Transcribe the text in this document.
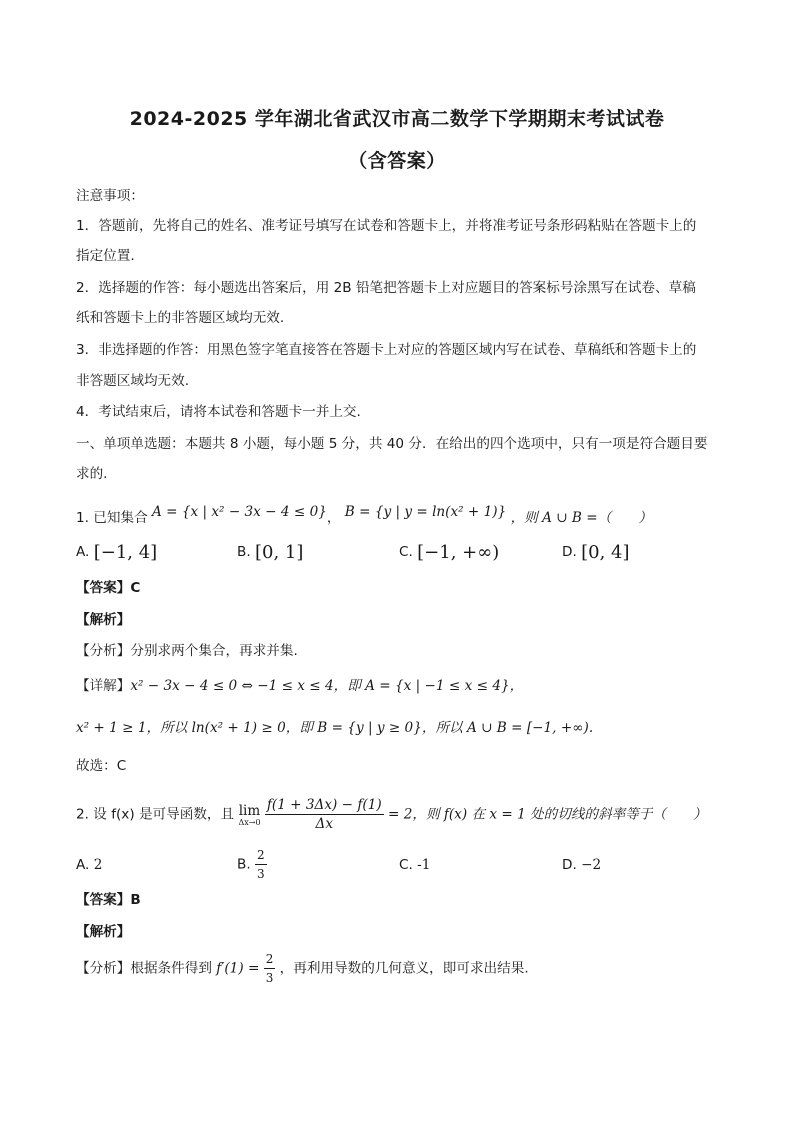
2024-2025 学年湖北省武汉市高二数学下学期期末考试试卷
（含答案）
注意事项：
1．答题前，先将自己的姓名、准考证号填写在试卷和答题卡上，并将准考证号条形码粘贴在答题卡上的
指定位置.
2．选择题的作答：每小题选出答案后，用 2B 铅笔把答题卡上对应题目的答案标号涂黑写在试卷、草稿
纸和答题卡上的非答题区域均无效.
3．非选择题的作答：用黑色签字笔直接答在答题卡上对应的答题区域内写在试卷、草稿纸和答题卡上的
非答题区域均无效.
4．考试结束后，请将本试卷和答题卡一并上交.
一、单项单选题：本题共 8 小题，每小题 5 分，共 40 分．在给出的四个选项中，只有一项是符合题目要
求的.
1. 已知集合 A = {x | x² − 3x − 4 ≤ 0}， B = {y | y = ln(x² + 1)} ，则 A ∪ B =（　　）
A. [−1, 4]	B. [0, 1]	C. [−1, +∞)	D. [0, 4]
【答案】C
【解析】
【分析】分别求两个集合，再求并集.
【详解】x² − 3x − 4 ≤ 0 ⇔ −1 ≤ x ≤ 4，即 A = {x | −1 ≤ x ≤ 4}，
x² + 1 ≥ 1，所以 ln(x² + 1) ≥ 0，即 B = {y | y ≥ 0}，所以 A ∪ B = [−1, +∞).
故选：C
2. 设 f(x) 是可导函数，且 lim
Δx→0
$\frac{f(1 + 3\Delta x) - f(1)}{\Delta x} = 2$，则 f(x) 在 x = 1 处的切线的斜率等于（　　）
A. 2	B. $\frac{2}{3}$	C. -1	D. −2
【答案】B
【解析】
【分析】根据条件得到 $f'(1) = \frac{2}{3}$ ，再利用导数的几何意义，即可求出结果.
